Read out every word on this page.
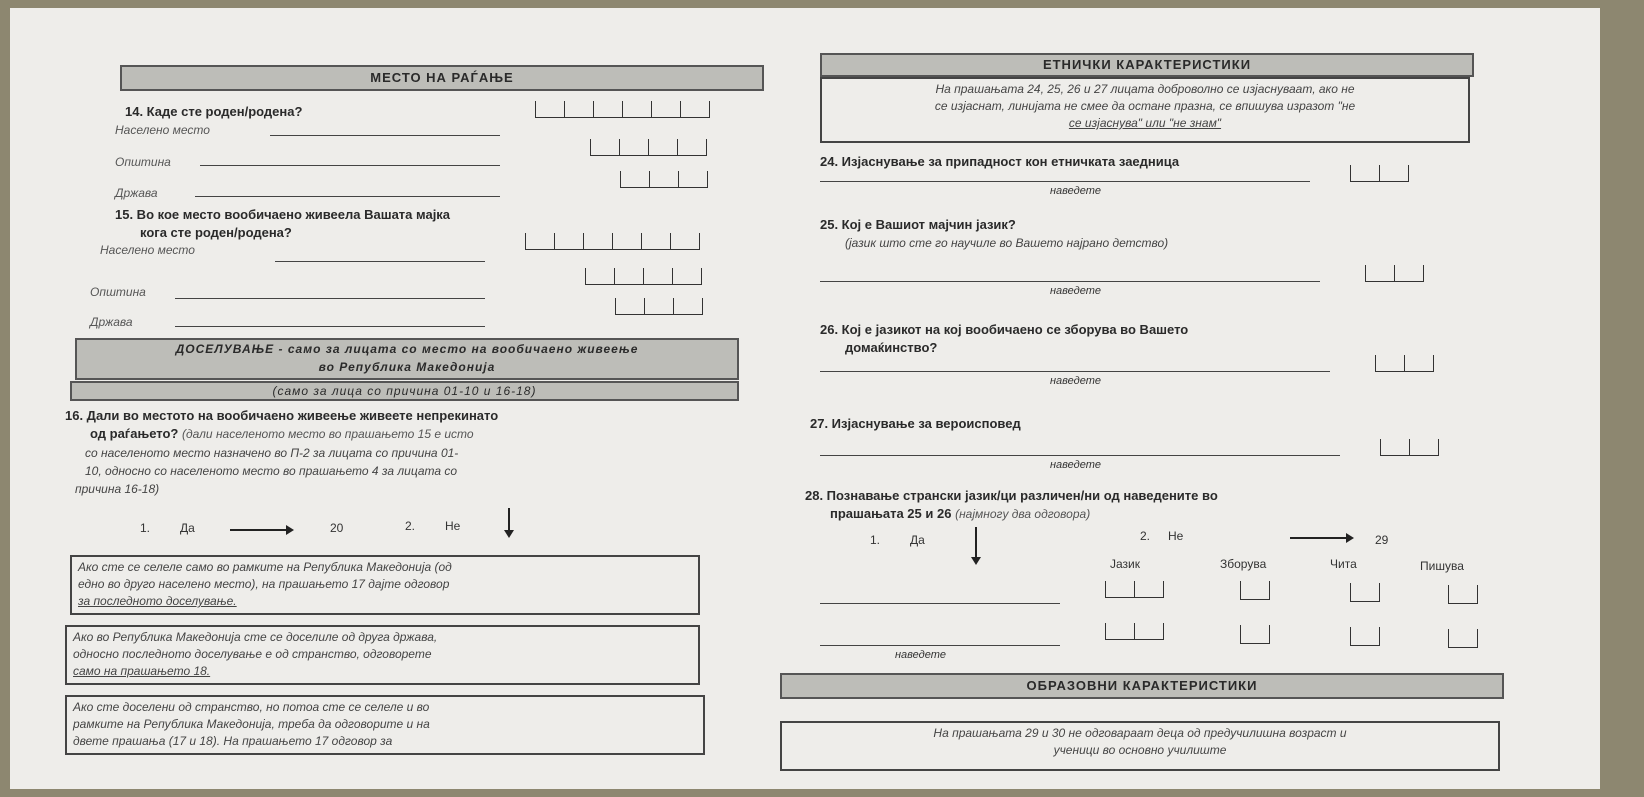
МЕСТО НА РАЃАЊЕ
14. Каде сте роден/родена?
Населено место
Општина
Држава
15. Во кое место вообичаено живеела Вашата мајка
кога сте роден/родена?
Населено место
Општина
Држава
ДОСЕЛУВАЊЕ - само за лицата со место на вообичаено живеење
во Република Македонија
(само за лица со причина 01-10 и 16-18)
16. Дали во местото на вообичаено живеење живеете непрекинато
од раѓањето? (дали населеното место во прашањето 15 е исто
со населеното место назначено во П-2 за лицата со причина 01-
10, односно со населеното место во прашањето 4 за лицата со
причина 16-18)
1. Да	20	2. Не
Ако сте се селеле само во рамките на Република Македонија (од
едно во друго населено место), на прашањето 17 дајте одговор
за последното доселување.
Ако во Република Македонија сте се доселиле од друга држава,
односно последното доселување е од странство, одговорете
само на прашањето 18.
Ако сте доселени од странство, но потоа сте се селеле и во
рамките на Република Македонија, треба да одговорите и на
двете прашања (17 и 18). На прашањето 17 одговор за
ЕТНИЧКИ КАРАКТЕРИСТИКИ
На прашањата 24, 25, 26 и 27 лицата доброволно се изјаснуваат, ако не
се изјаснат, линијата не смее да остане празна, се впишува изразот "не
се изјаснува" или "не знам"
24. Изјаснување за припадност кон етничката заедница
наведете
25. Кој е Вашиот мајчин јазик?
(јазик што сте го научиле во Вашето најрано детство)
наведете
26. Кој е јазикот на кој вообичаено се зборува во Вашето
домаќинство?
наведете
27. Изјаснување за вероисповед
наведете
28. Познавање странски јазик/ци различен/ни од наведените во
прашањата 25 и 26 (најмногу два одговора)
1. Да	2. Не	29
Јазик	Зборува	Чита	Пишува
наведете
ОБРАЗОВНИ КАРАКТЕРИСТИКИ
На прашањата 29 и 30 не одговараат деца од предучилишна возраст и
ученици во основно училиште
